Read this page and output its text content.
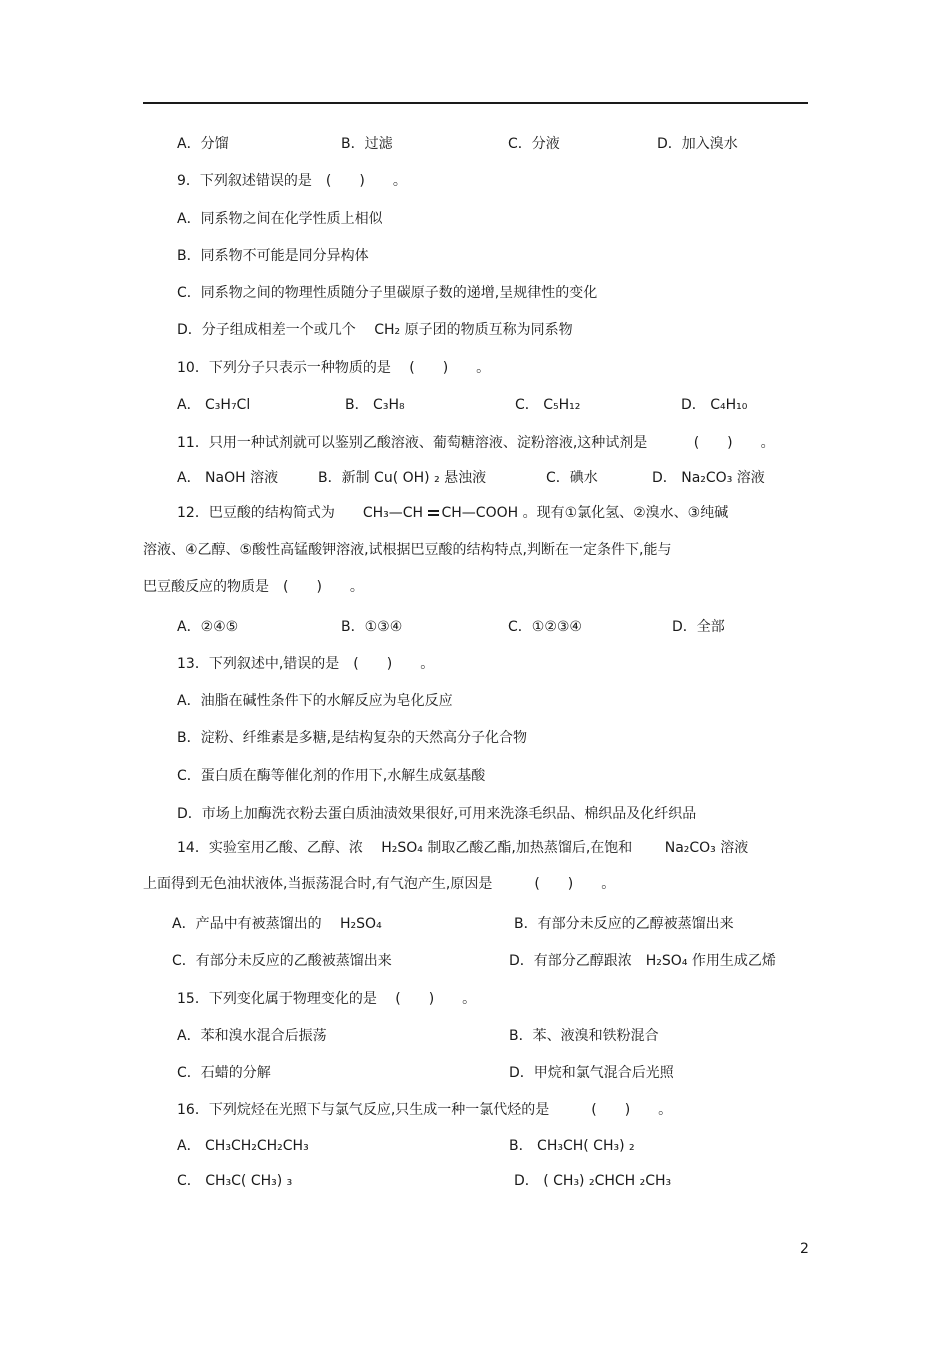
A．分馏	B．过滤	C．分液	D．加入溴水
9．下列叙述错误的是　(　　)　　。
A．同系物之间在化学性质上相似
B．同系物不可能是同分异构体
C．同系物之间的物理性质随分子里碳原子数的递增,呈规律性的变化
D．分子组成相差一个或几个　 CH₂ 原子团的物质互称为同系物
10．下列分子只表示一种物质的是　 (　　)　　。
A． C₃H₇Cl	B． C₃H₈	C． C₅H₁₂	D． C₄H₁₀
11．只用一种试剂就可以鉴别乙酸溶液、葡萄糖溶液、淀粉溶液,这种试剂是　　　 (　　)　　。
A． NaOH 溶液	B．新制 Cu( OH) ₂ 悬浊液	C．碘水	D． Na₂CO₃ 溶液
12．巴豆酸的结构简式为　　CH₃—CH 　CH—COOH 。现有①氯化氢、②溴水、③纯碱
溶液、④乙醇、⑤酸性高锰酸钾溶液,试根据巴豆酸的结构特点,判断在一定条件下,能与
巴豆酸反应的物质是　(　　)　　。
A．②④⑤	B．①③④	C．①②③④	D．全部
13．下列叙述中,错误的是　(　　)　　。
A．油脂在碱性条件下的水解反应为皂化反应
B．淀粉、纤维素是多糖,是结构复杂的天然高分子化合物
C．蛋白质在酶等催化剂的作用下,水解生成氨基酸
D．市场上加酶洗衣粉去蛋白质油渍效果很好,可用来洗涤毛织品、棉织品及化纤织品
14．实验室用乙酸、乙醇、浓　 H₂SO₄ 制取乙酸乙酯,加热蒸馏后,在饱和　　 Na₂CO₃ 溶液
上面得到无色油状液体,当振荡混合时,有气泡产生,原因是　　　(　　)　　。
A．产品中有被蒸馏出的　 H₂SO₄	B．有部分未反应的乙醇被蒸馏出来
C．有部分未反应的乙酸被蒸馏出来	D．有部分乙醇跟浓　H₂SO₄ 作用生成乙烯
15．下列变化属于物理变化的是　 (　　)　　。
A．苯和溴水混合后振荡	B．苯、液溴和铁粉混合
C．石蜡的分解	D．甲烷和氯气混合后光照
16．下列烷烃在光照下与氯气反应,只生成一种一氯代烃的是　　　(　　)　　。
A． CH₃CH₂CH₂CH₃	B． CH₃CH( CH₃) ₂
C． CH₃C( CH₃) ₃	D． ( CH₃) ₂CHCH ₂CH₃
2
